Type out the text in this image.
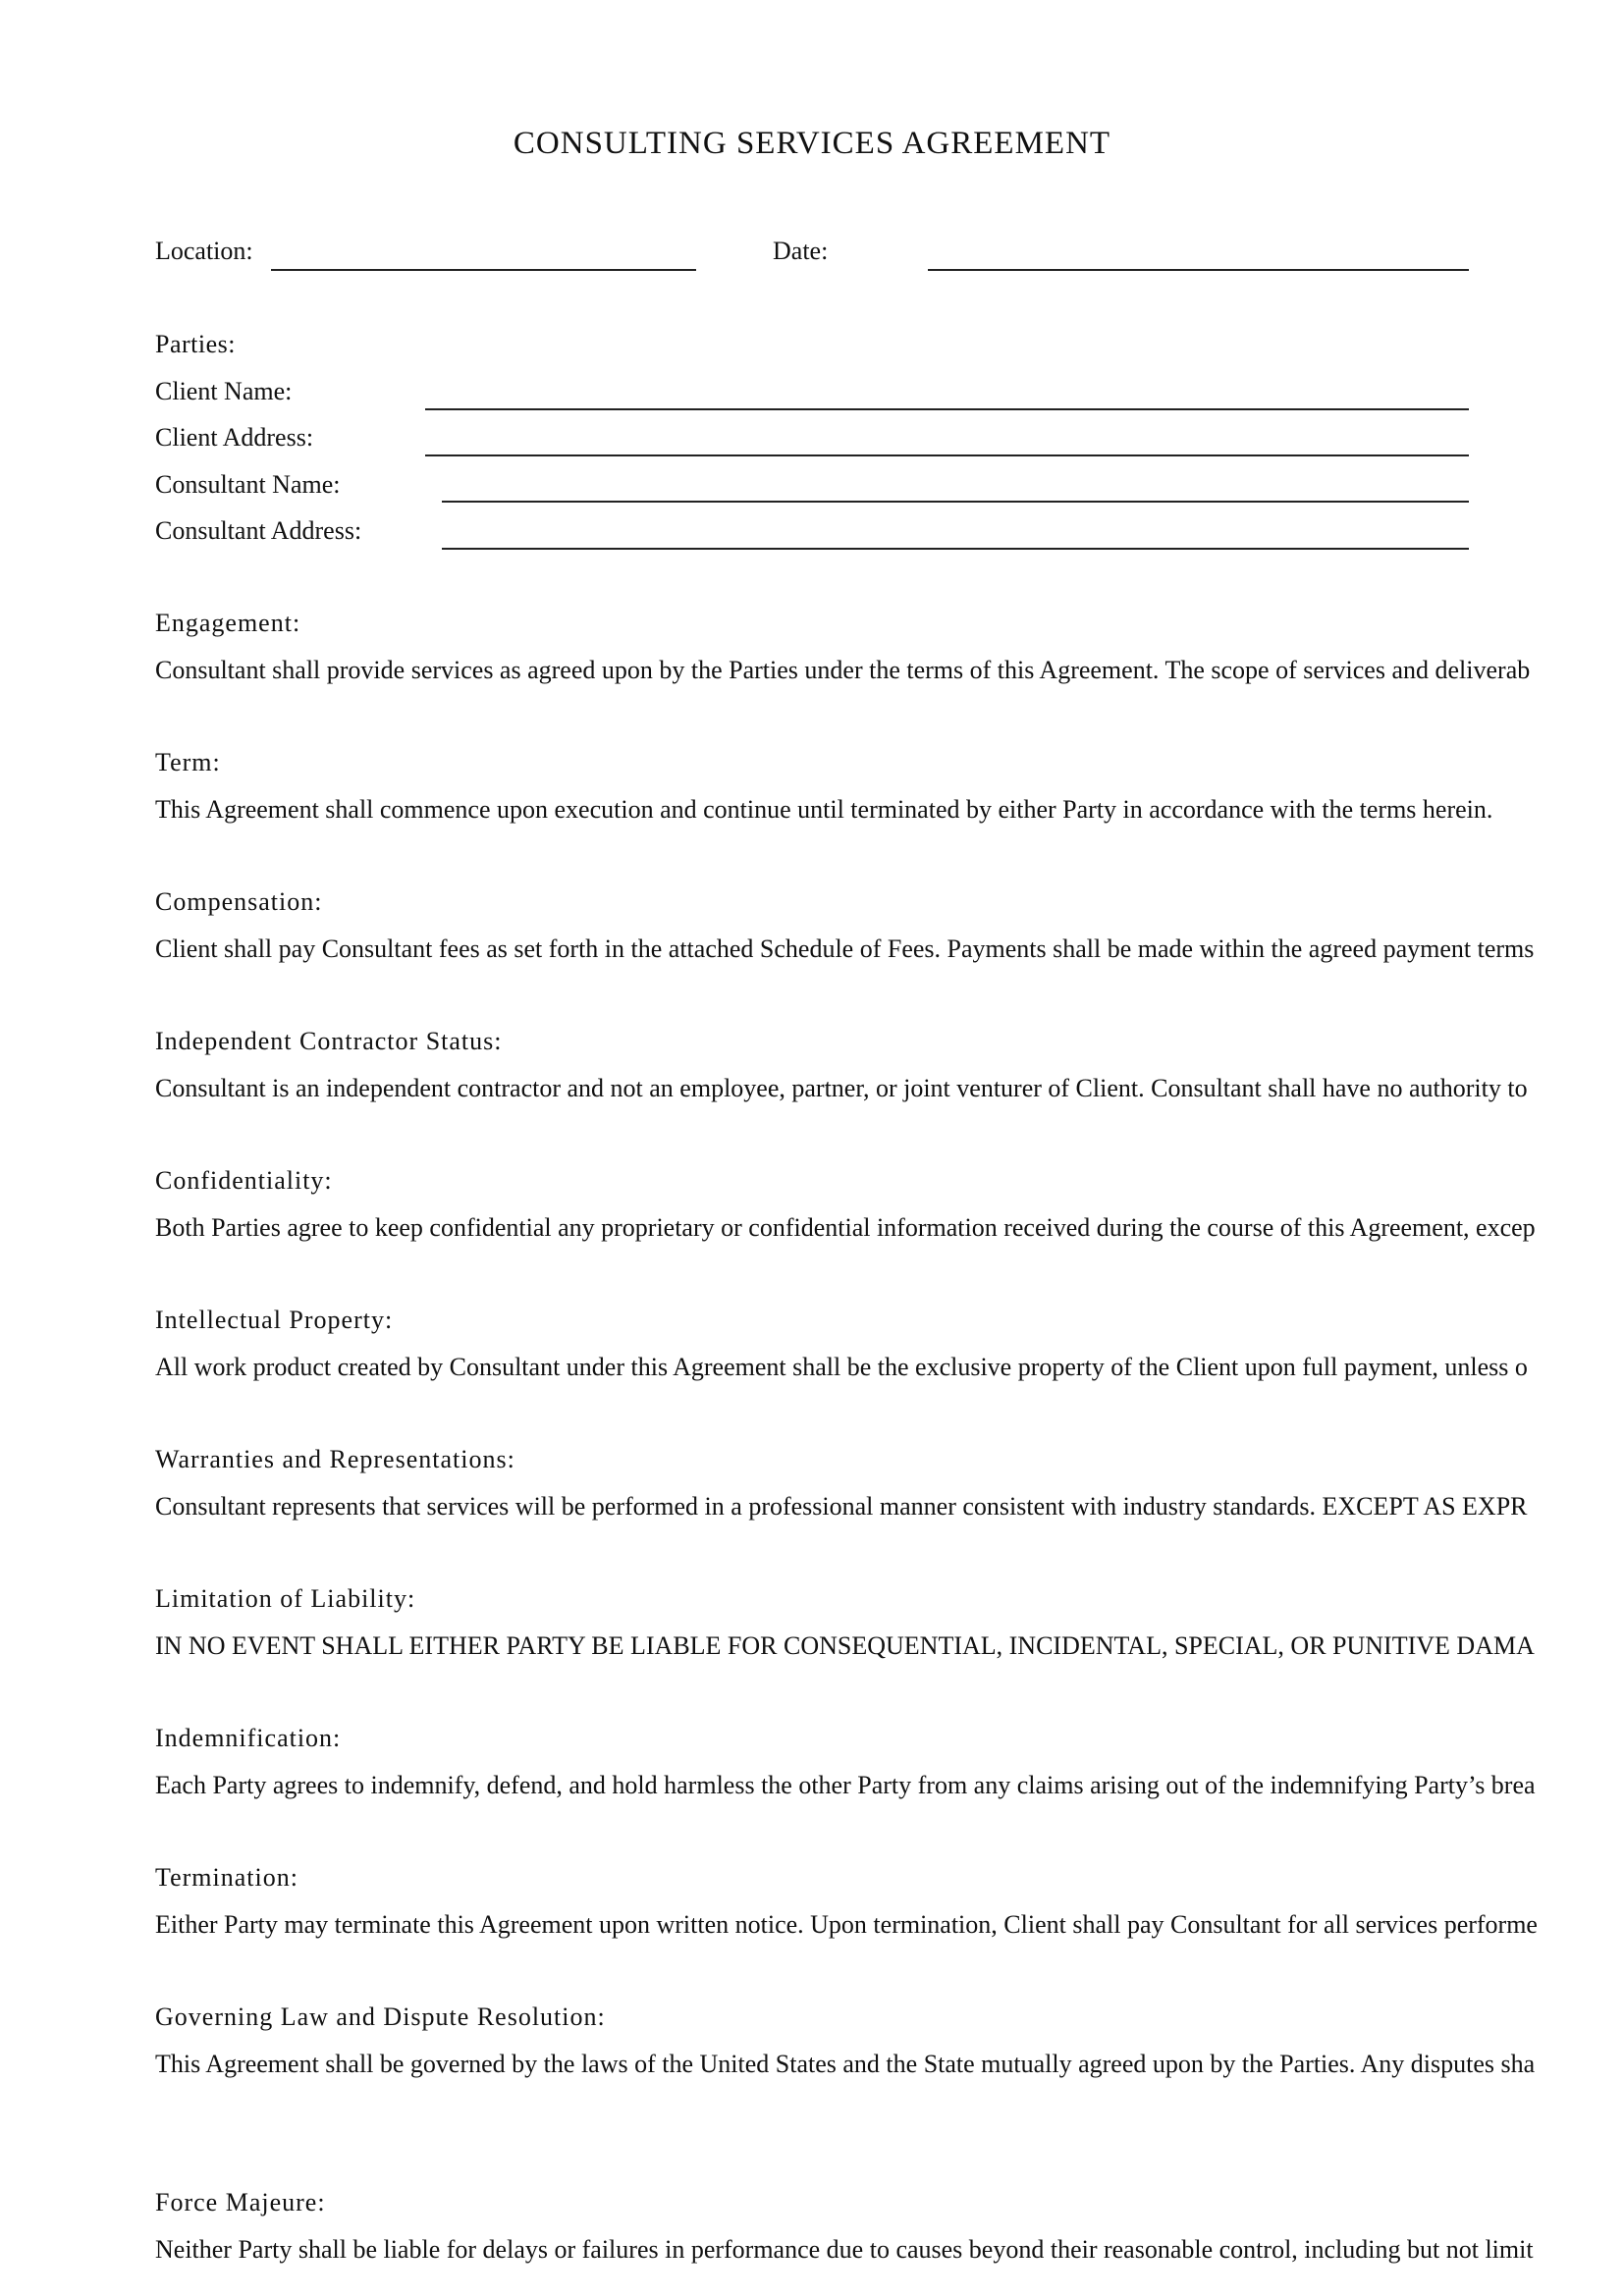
CONSULTING SERVICES AGREEMENT
Location:	Date:
Parties:
Client Name:
Client Address:
Consultant Name:
Consultant Address:
Engagement:
Consultant shall provide services as agreed upon by the Parties under the terms of this Agreement. The scope of services and deliverab
Term:
This Agreement shall commence upon execution and continue until terminated by either Party in accordance with the terms herein.
Compensation:
Client shall pay Consultant fees as set forth in the attached Schedule of Fees. Payments shall be made within the agreed payment terms
Independent Contractor Status:
Consultant is an independent contractor and not an employee, partner, or joint venturer of Client. Consultant shall have no authority to
Confidentiality:
Both Parties agree to keep confidential any proprietary or confidential information received during the course of this Agreement, excep
Intellectual Property:
All work product created by Consultant under this Agreement shall be the exclusive property of the Client upon full payment, unless o
Warranties and Representations:
Consultant represents that services will be performed in a professional manner consistent with industry standards. EXCEPT AS EXPR
Limitation of Liability:
IN NO EVENT SHALL EITHER PARTY BE LIABLE FOR CONSEQUENTIAL, INCIDENTAL, SPECIAL, OR PUNITIVE DAMA
Indemnification:
Each Party agrees to indemnify, defend, and hold harmless the other Party from any claims arising out of the indemnifying Party’s brea
Termination:
Either Party may terminate this Agreement upon written notice. Upon termination, Client shall pay Consultant for all services performe
Governing Law and Dispute Resolution:
This Agreement shall be governed by the laws of the United States and the State mutually agreed upon by the Parties. Any disputes sha
Force Majeure:
Neither Party shall be liable for delays or failures in performance due to causes beyond their reasonable control, including but not limit
